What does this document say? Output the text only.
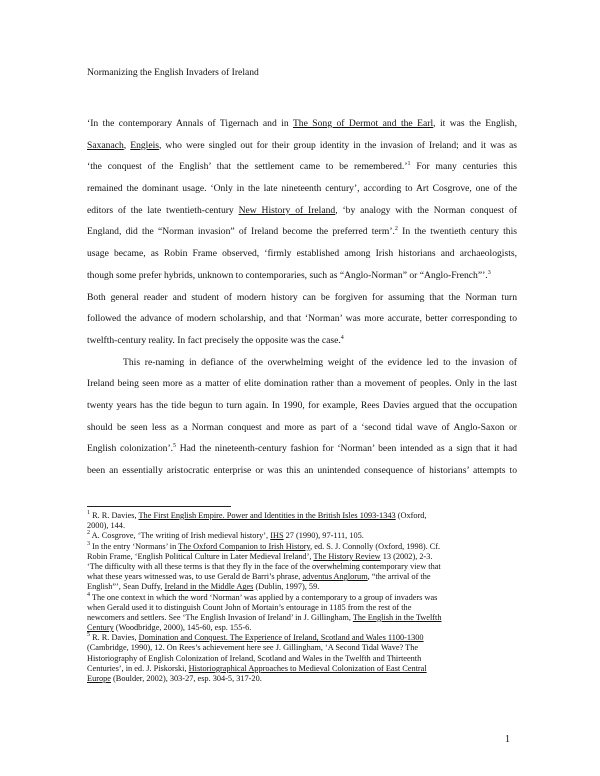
Normanizing the English Invaders of Ireland
‘In the contemporary Annals of Tigernach and in The Song of Dermot and the Earl, it was the English,
Saxanach, Engleis, who were singled out for their group identity in the invasion of Ireland; and it was as
‘the conquest of the English’ that the settlement came to be remembered.’$^1$ For many centuries this
remained the dominant usage. ‘Only in the late nineteenth century’, according to Art Cosgrove, one of the
editors of the late twentieth-century New History of Ireland, ‘by analogy with the Norman conquest of
England, did the “Norman invasion” of Ireland become the preferred term’.$^2$ In the twentieth century this
usage became, as Robin Frame observed, ‘firmly established among Irish historians and archaeologists,
though some prefer hybrids, unknown to contemporaries, such as “Anglo-Norman” or “Anglo-French”’.$^3$
Both general reader and student of modern history can be forgiven for assuming that the Norman turn
followed the advance of modern scholarship, and that ‘Norman’ was more accurate, better corresponding to
twelfth-century reality. In fact precisely the opposite was the case.$^4$
This re-naming in defiance of the overwhelming weight of the evidence led to the invasion of
Ireland being seen more as a matter of elite domination rather than a movement of peoples. Only in the last
twenty years has the tide begun to turn again. In 1990, for example, Rees Davies argued that the occupation
should be seen less as a Norman conquest and more as part of a ‘second tidal wave of Anglo-Saxon or
English colonization’.$^5$ Had the nineteenth-century fashion for ‘Norman’ been intended as a sign that it had
been an essentially aristocratic enterprise or was this an unintended consequence of historians’ attempts to
$^1$ R. R. Davies, The First English Empire. Power and Identities in the British Isles 1093-1343 (Oxford,
2000), 144.
$^2$ A. Cosgrove, ‘The writing of Irish medieval history’, IHS 27 (1990), 97-111, 105.
$^3$ In the entry ‘Normans’ in The Oxford Companion to Irish History, ed. S. J. Connolly (Oxford, 1998). Cf.
Robin Frame, ‘English Political Culture in Later Medieval Ireland’, The History Review 13 (2002), 2-3.
‘The difficulty with all these terms is that they fly in the face of the overwhelming contemporary view that
what these years witnessed was, to use Gerald de Barri’s phrase, adventus Anglorum, “the arrival of the
English”’, Sean Duffy, Ireland in the Middle Ages (Dublin, 1997), 59.
$^4$ The one context in which the word ‘Norman’ was applied by a contemporary to a group of invaders was
when Gerald used it to distinguish Count John of Mortain’s entourage in 1185 from the rest of the
newcomers and settlers. See ‘The English Invasion of Ireland’ in J. Gillingham, The English in the Twelfth
Century (Woodbridge, 2000), 145-60, esp. 155-6.
$^5$ R. R. Davies, Domination and Conquest. The Experience of Ireland, Scotland and Wales 1100-1300
(Cambridge, 1990), 12. On Rees’s achievement here see J. Gillingham, ‘A Second Tidal Wave? The
Historiography of English Colonization of Ireland, Scotland and Wales in the Twelfth and Thirteenth
Centuries’, in ed. J. Piskorski, Historiographical Approaches to Medieval Colonization of East Central
Europe (Boulder, 2002), 303-27, esp. 304-5, 317-20.
1
